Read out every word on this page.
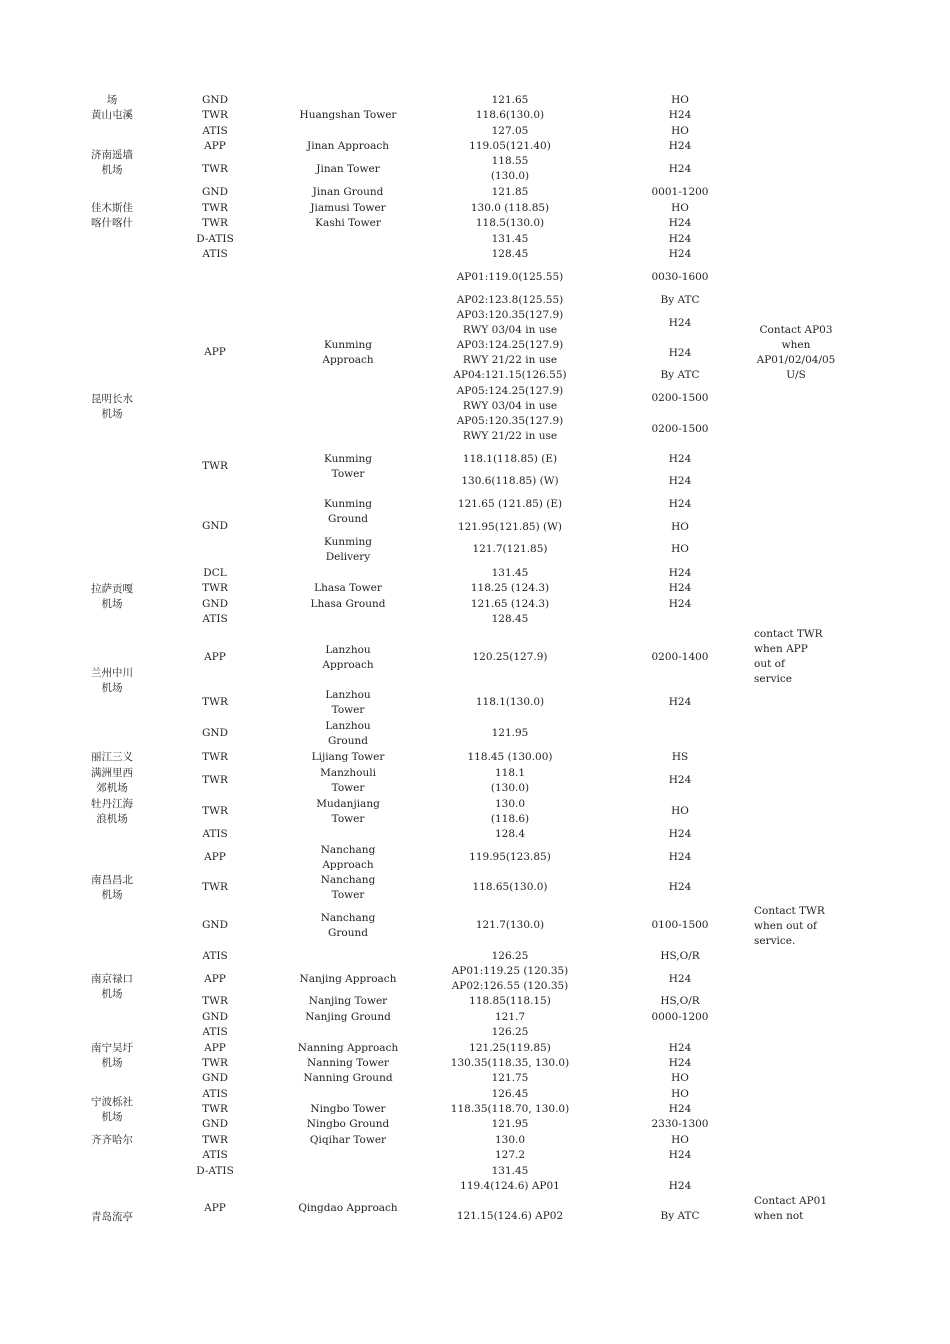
场
黄山屯溪
济南遥墙
机场
佳木斯佳
喀什喀什
昆明长水
机场
拉萨贡嘎
机场
兰州中川
机场
丽江三义
满洲里西
郊机场
牡丹江海
浪机场
南昌昌北
机场
南京禄口
机场
南宁吴圩
机场
宁波栎社
机场
齐齐哈尔
青岛流亭
GND
TWR
ATIS
APP
TWR
GND
TWR
TWR
D-ATIS
ATIS
APP
TWR
GND
DCL
TWR
GND
ATIS
APP
TWR
GND
TWR
TWR
TWR
ATIS
APP
TWR
GND
ATIS
APP
TWR
GND
ATIS
APP
TWR
GND
ATIS
TWR
GND
TWR
ATIS
D-ATIS
APP
Huangshan Tower
Jinan Approach
Jinan Tower
Jinan Ground
Jiamusi Tower
Kashi Tower
Kunming
Approach
Kunming
Tower
Kunming
Ground
Kunming
Delivery
Lhasa Tower
Lhasa Ground
Lanzhou
Approach
Lanzhou
Tower
Lanzhou
Ground
Lijiang Tower
Manzhouli
Tower
Mudanjiang
Tower
Nanchang
Approach
Nanchang
Tower
Nanchang
Ground
Nanjing Approach
Nanjing Tower
Nanjing Ground
Nanning Approach
Nanning Tower
Nanning Ground
Ningbo Tower
Ningbo Ground
Qiqihar Tower
Qingdao Approach
121.65
118.6(130.0)
127.05
119.05(121.40)
118.55
(130.0)
121.85
130.0 (118.85)
118.5(130.0)
131.45
128.45
AP01:119.0(125.55)
AP02:123.8(125.55)
AP03:120.35(127.9)
RWY 03/04 in use
AP03:124.25(127.9)
RWY 21/22 in use
AP04:121.15(126.55)
AP05:124.25(127.9)
RWY 03/04 in use
AP05:120.35(127.9)
RWY 21/22 in use
118.1(118.85) (E)
130.6(118.85) (W)
121.65 (121.85) (E)
121.95(121.85) (W)
121.7(121.85)
131.45
118.25 (124.3)
121.65 (124.3)
128.45
120.25(127.9)
118.1(130.0)
121.95
118.45 (130.00)
118.1
(130.0)
130.0
(118.6)
128.4
119.95(123.85)
118.65(130.0)
121.7(130.0)
126.25
AP01:119.25 (120.35)
AP02:126.55 (120.35)
118.85(118.15)
121.7
126.25
121.25(119.85)
130.35(118.35, 130.0)
121.75
126.45
118.35(118.70, 130.0)
121.95
130.0
127.2
131.45
119.4(124.6) AP01
121.15(124.6) AP02
HO
H24
HO
H24
H24
0001-1200
HO
H24
H24
H24
0030-1600
By ATC
H24
H24
By ATC
0200-1500
0200-1500
H24
H24
H24
HO
HO
H24
H24
H24
0200-1400
H24
HS
H24
HO
H24
H24
H24
0100-1500
HS,O/R
H24
HS,O/R
0000-1200
H24
H24
HO
HO
H24
2330-1300
HO
H24
H24
By ATC
Contact AP03
when
AP01/02/04/05
U/S
contact TWR
when APP
out of
service
Contact TWR
when out of
service.
Contact AP01
when not
